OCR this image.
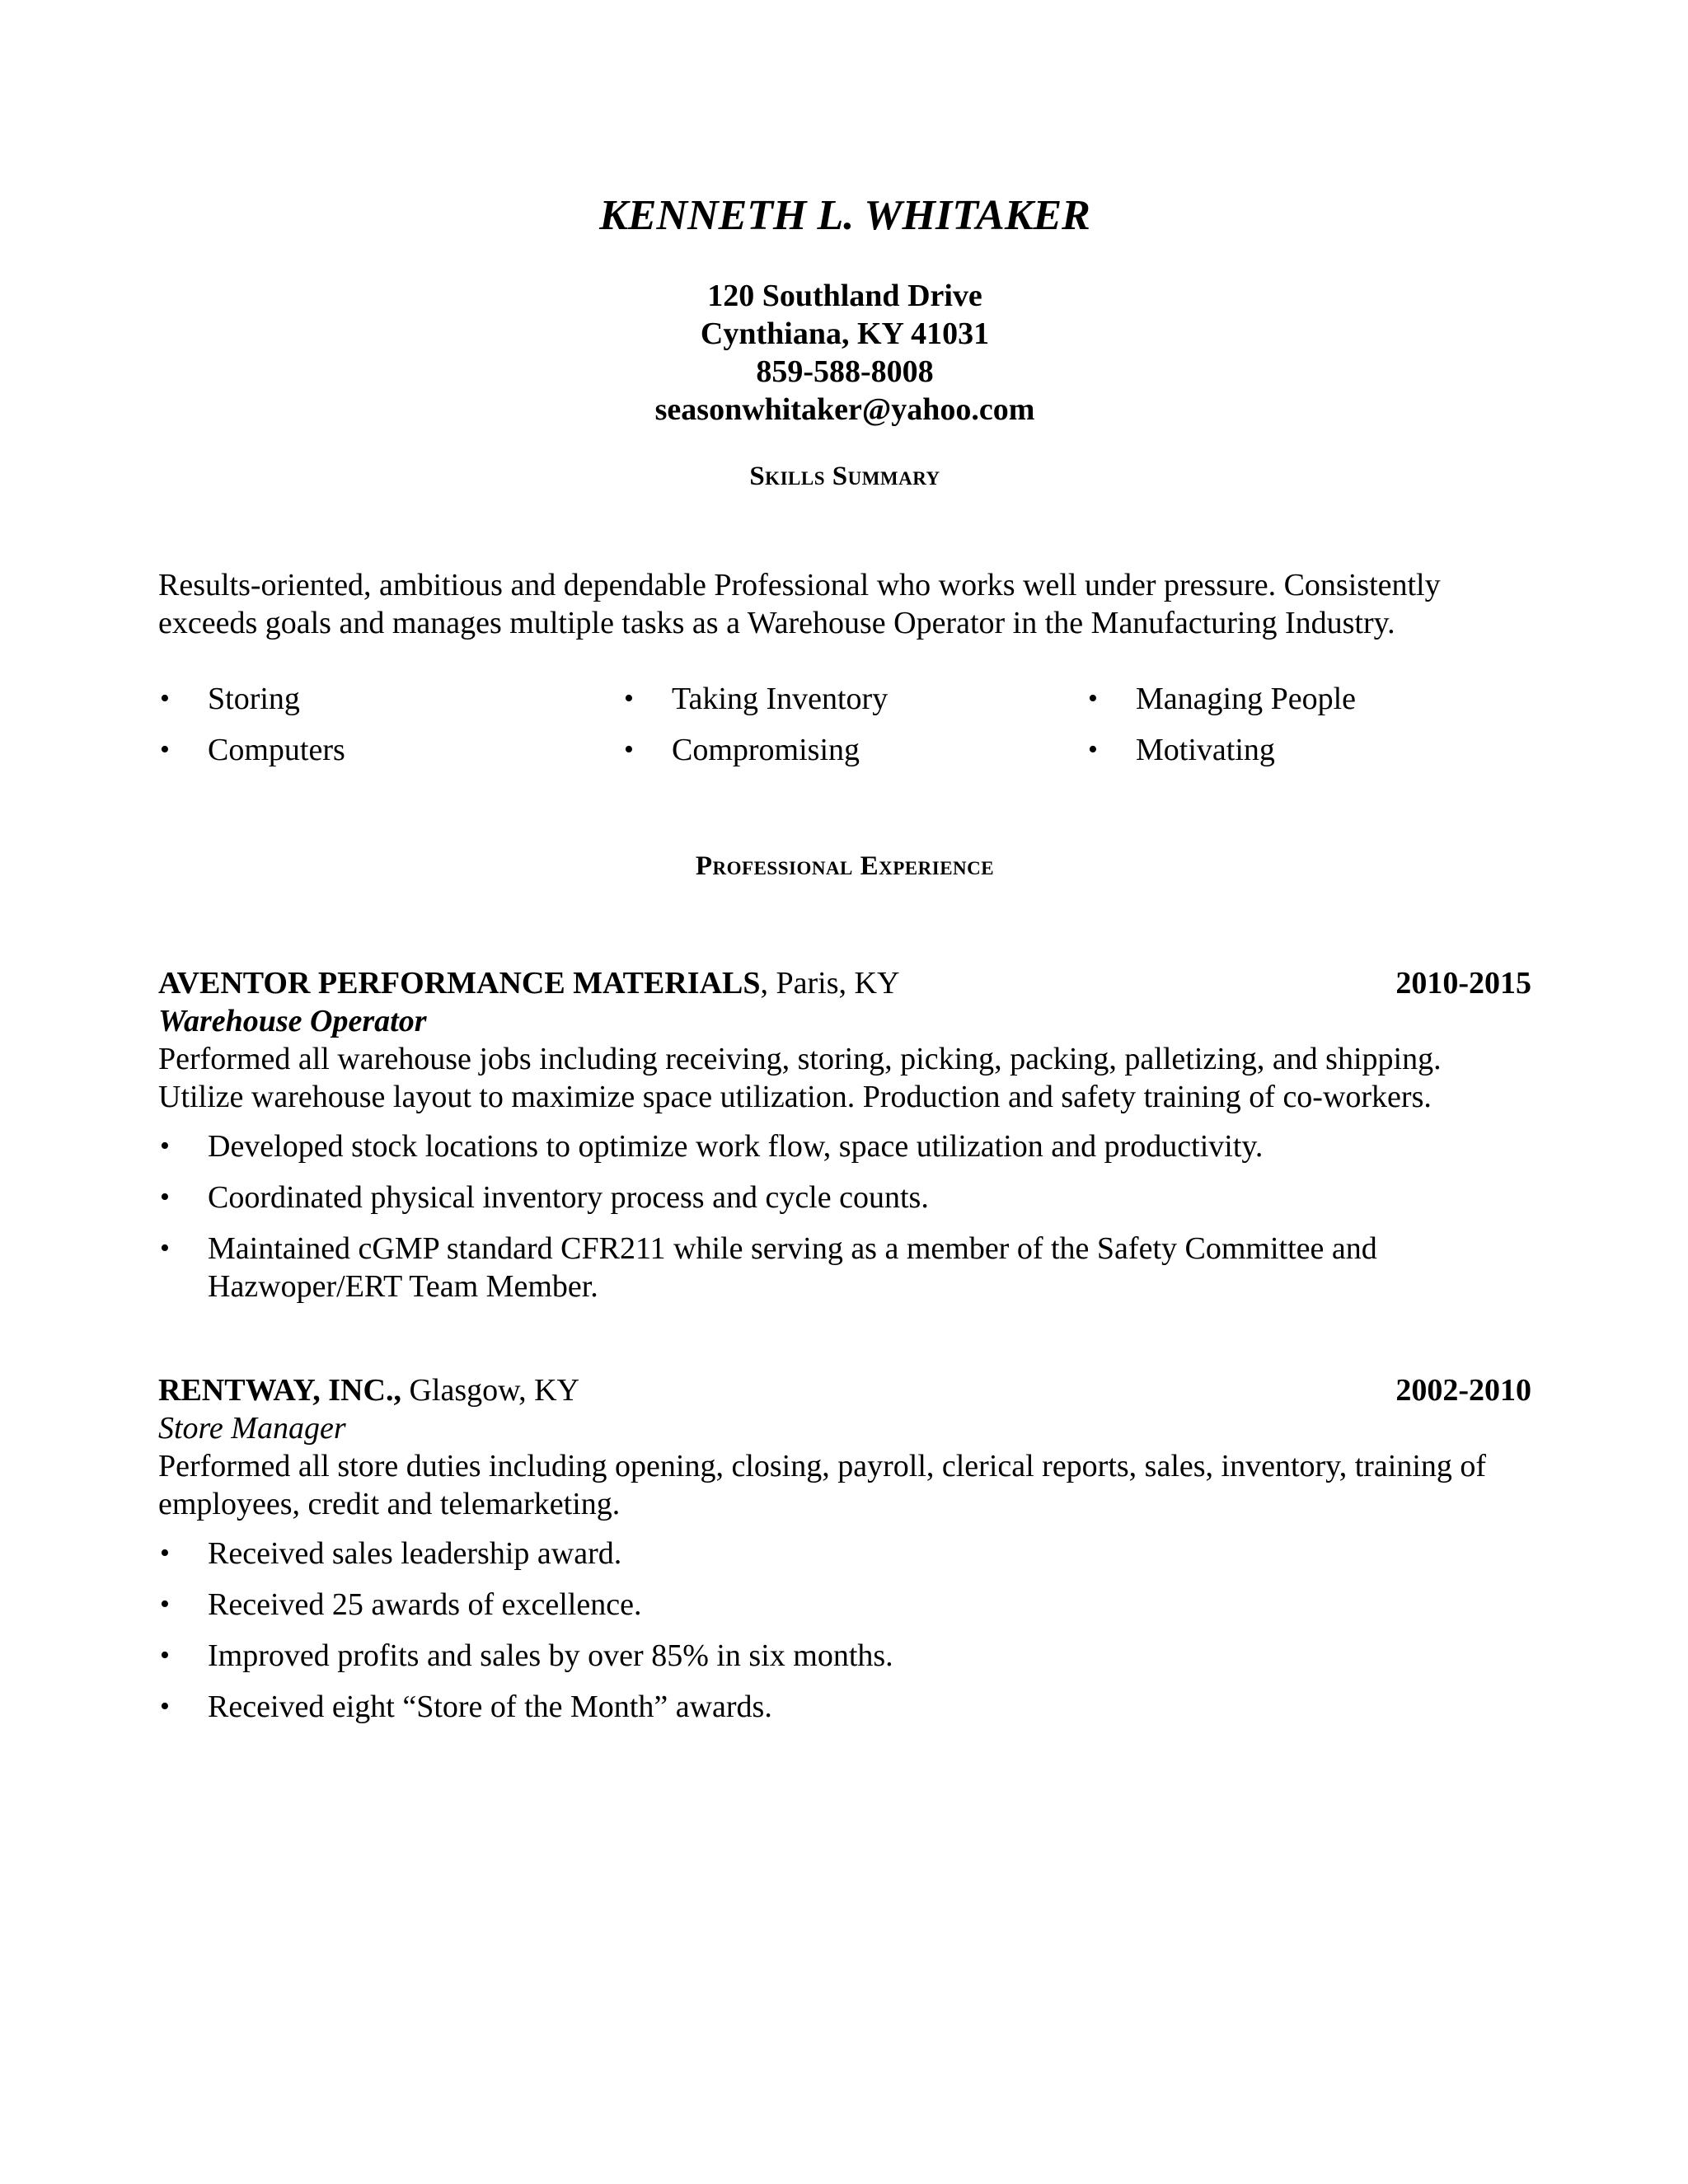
KENNETH L. WHITAKER
120 Southland Drive
Cynthiana, KY 41031
859-588-8008
seasonwhitaker@yahoo.com
Skills Summary

Results-oriented, ambitious and dependable Professional who works well under pressure. Consistently exceeds goals and manages multiple tasks as a Warehouse Operator in the Manufacturing Industry.

•	Storing	•	Taking Inventory	•	Managing People
•	Computers	•	Compromising	•	Motivating
Professional Experience
AVENTOR PERFORMANCE MATERIALS, Paris, KY	2010-2015
Warehouse Operator

Performed all warehouse jobs including receiving, storing, picking, packing, palletizing, and shipping. Utilize warehouse layout to maximize space utilization. Production and safety training of co-workers.

•	Developed stock locations to optimize work flow, space utilization and productivity.
•	Coordinated physical inventory process and cycle counts.
•	Maintained cGMP standard CFR211 while serving as a member of the Safety Committee and Hazwoper/ERT Team Member.
RENTWAY, INC., Glasgow, KY	2002-2010
Store Manager

Performed all store duties including opening, closing, payroll, clerical reports, sales, inventory, training of employees, credit and telemarketing.

•	Received sales leadership award.
•	Received 25 awards of excellence.
•	Improved profits and sales by over 85% in six months.
•	Received eight “Store of the Month” awards.
